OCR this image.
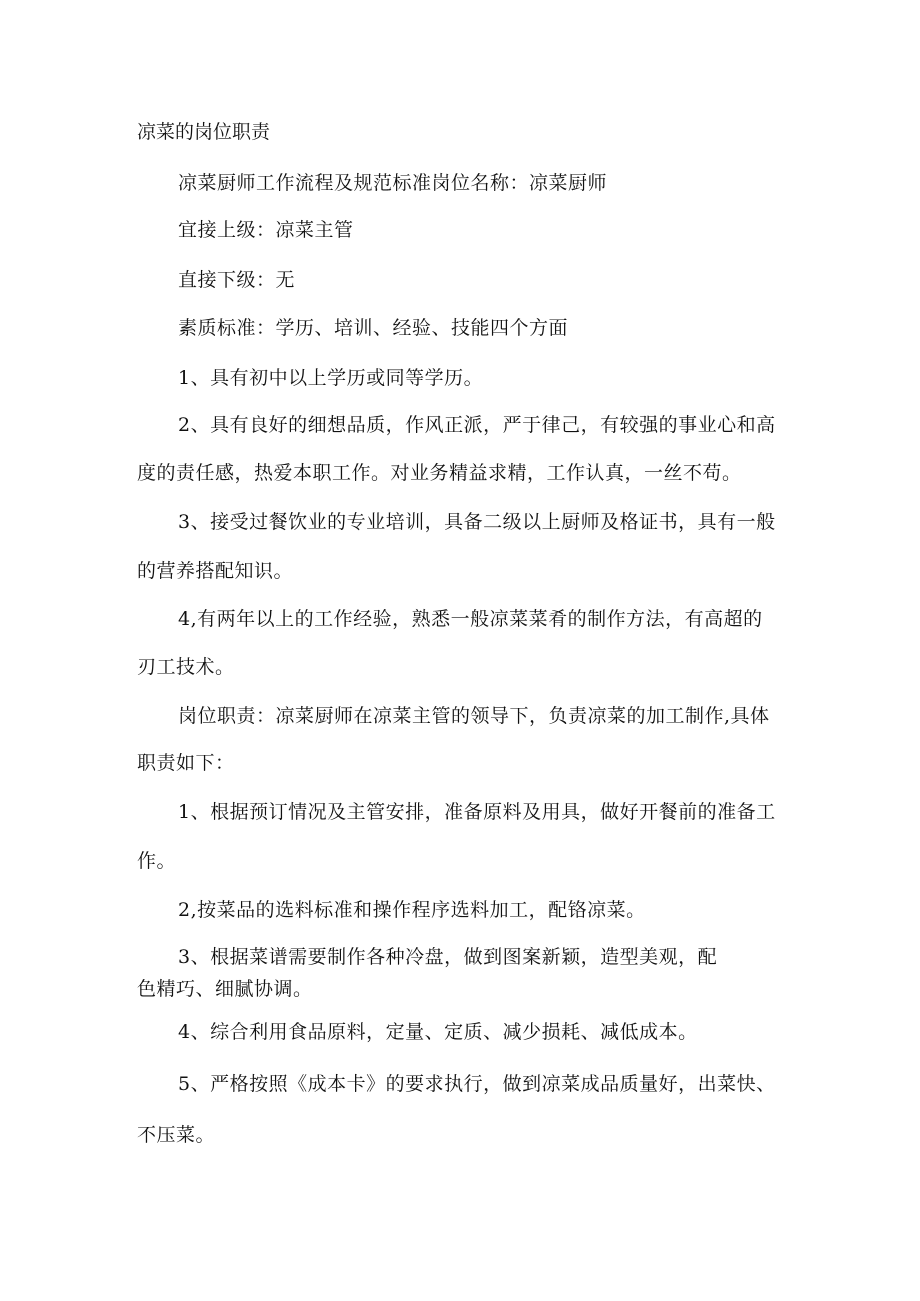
凉菜的岗位职责
凉菜厨师工作流程及规范标准岗位名称：凉菜厨师
宜接上级：凉菜主管
直接下级：无
素质标准：学历、培训、经验、技能四个方面
1、具有初中以上学历或同等学历。
2、具有良好的细想品质，作风正派，严于律己，有较强的事业心和高
度的责任感，热爱本职工作。对业务精益求精，工作认真，一丝不苟。
3、接受过餐饮业的专业培训，具备二级以上厨师及格证书，具有一般
的营养搭配知识。
4,有两年以上的工作经验，熟悉一般凉菜菜肴的制作方法，有高超的
刃工技术。
岗位职责：凉菜厨师在凉菜主管的领导下，负责凉菜的加工制作,具体
职责如下：
1、根据预订情况及主管安排，准备原料及用具，做好开餐前的准备工
作。
2,按菜品的选料标准和操作程序选料加工，配铬凉菜。
3、根据菜谱需要制作各种冷盘，做到图案新颖，造型美观，配
色精巧、细腻协调。
4、综合利用食品原料，定量、定质、减少损耗、减低成本。
5、严格按照《成本卡》的要求执行，做到凉菜成品质量好，出菜快、
不压菜。
